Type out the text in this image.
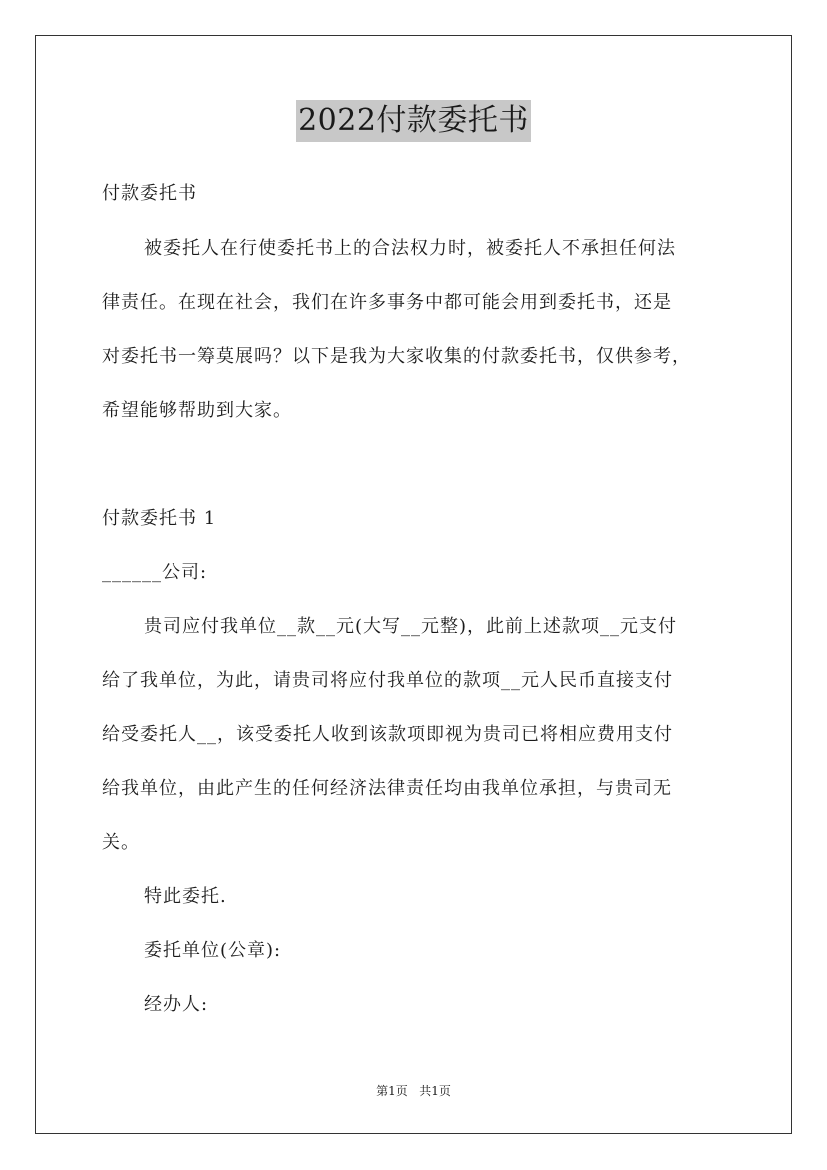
2022付款委托书
付款委托书
被委托人在行使委托书上的合法权力时，被委托人不承担任何法
律责任。在现在社会，我们在许多事务中都可能会用到委托书，还是
对委托书一筹莫展吗？以下是我为大家收集的付款委托书，仅供参考，
希望能够帮助到大家。
付款委托书 1
______公司:
贵司应付我单位__款__元(大写__元整)，此前上述款项__元支付
给了我单位，为此，请贵司将应付我单位的款项__元人民币直接支付
给受委托人__，该受委托人收到该款项即视为贵司已将相应费用支付
给我单位，由此产生的任何经济法律责任均由我单位承担，与贵司无
关。
特此委托.
委托单位(公章):
经办人:
第1页   共1页
